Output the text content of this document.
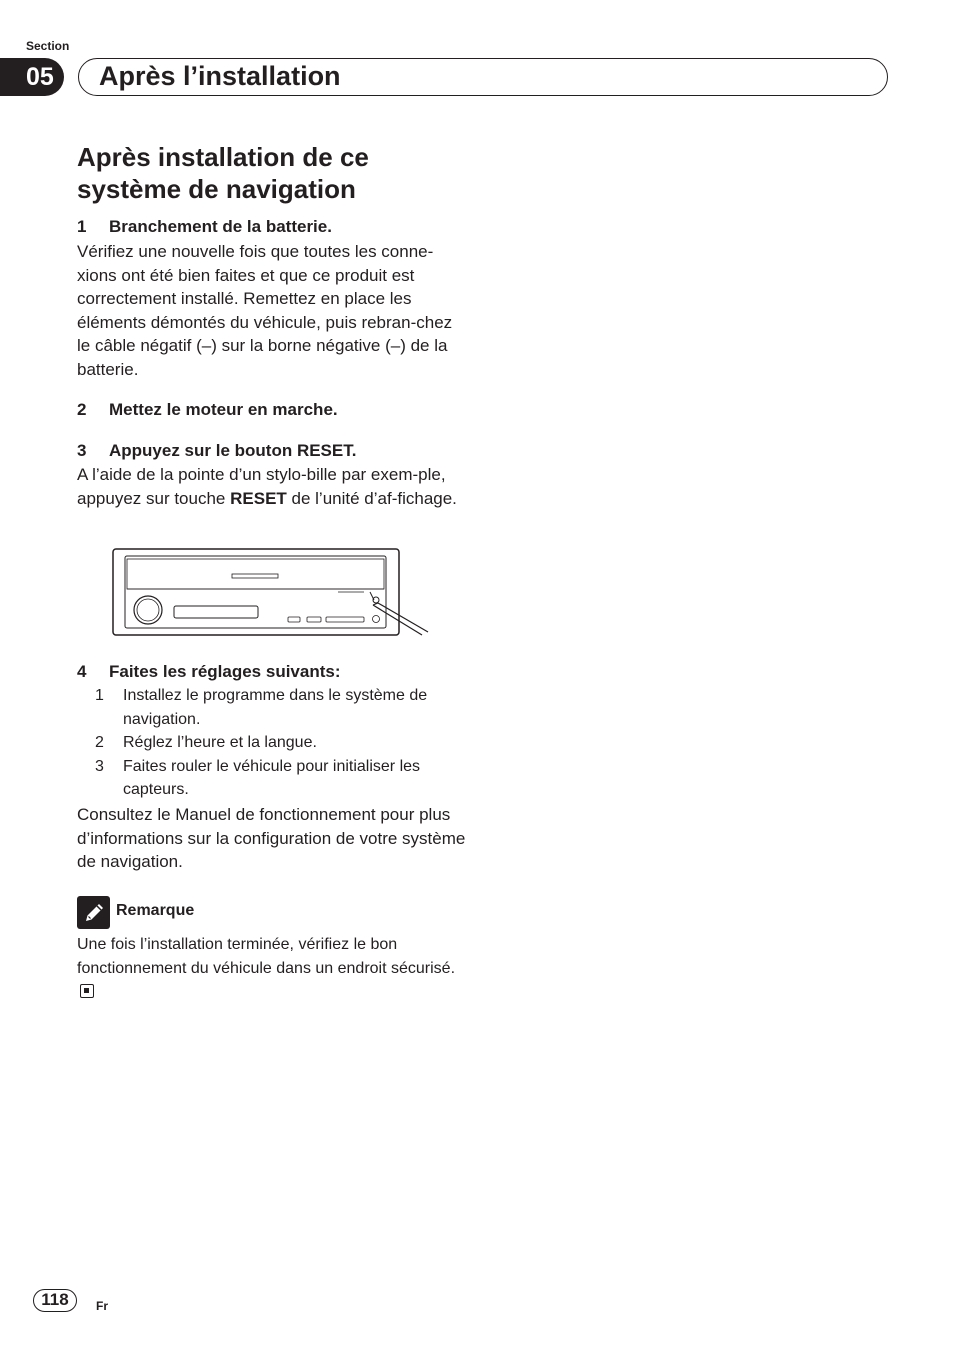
Section
05	Après l’installation
Après installation de ce système de navigation
1 Branchement de la batterie.

Vérifiez une nouvelle fois que toutes les conne-xions ont été bien faites et que ce produit est correctement installé. Remettez en place les éléments démontés du véhicule, puis rebran-chez le câble négatif (–) sur la borne négative (–) de la batterie.

2 Mettez le moteur en marche.
3 Appuyez sur le bouton RESET.

A l’aide de la pointe d’un stylo-bille par exem-ple, appuyez sur touche RESET de l’unité d’af-fichage.

4 Faites les réglages suivants:
1 Installez le programme dans le système de navigation.
2 Réglez l’heure et la langue.
3 Faites rouler le véhicule pour initialiser les capteurs.

Consultez le Manuel de fonctionnement pour plus d’informations sur la configuration de votre système de navigation.

Remarque

Une fois l’installation terminée, vérifiez le bon fonctionnement du véhicule dans un endroit sécurisé.

118	Fr
